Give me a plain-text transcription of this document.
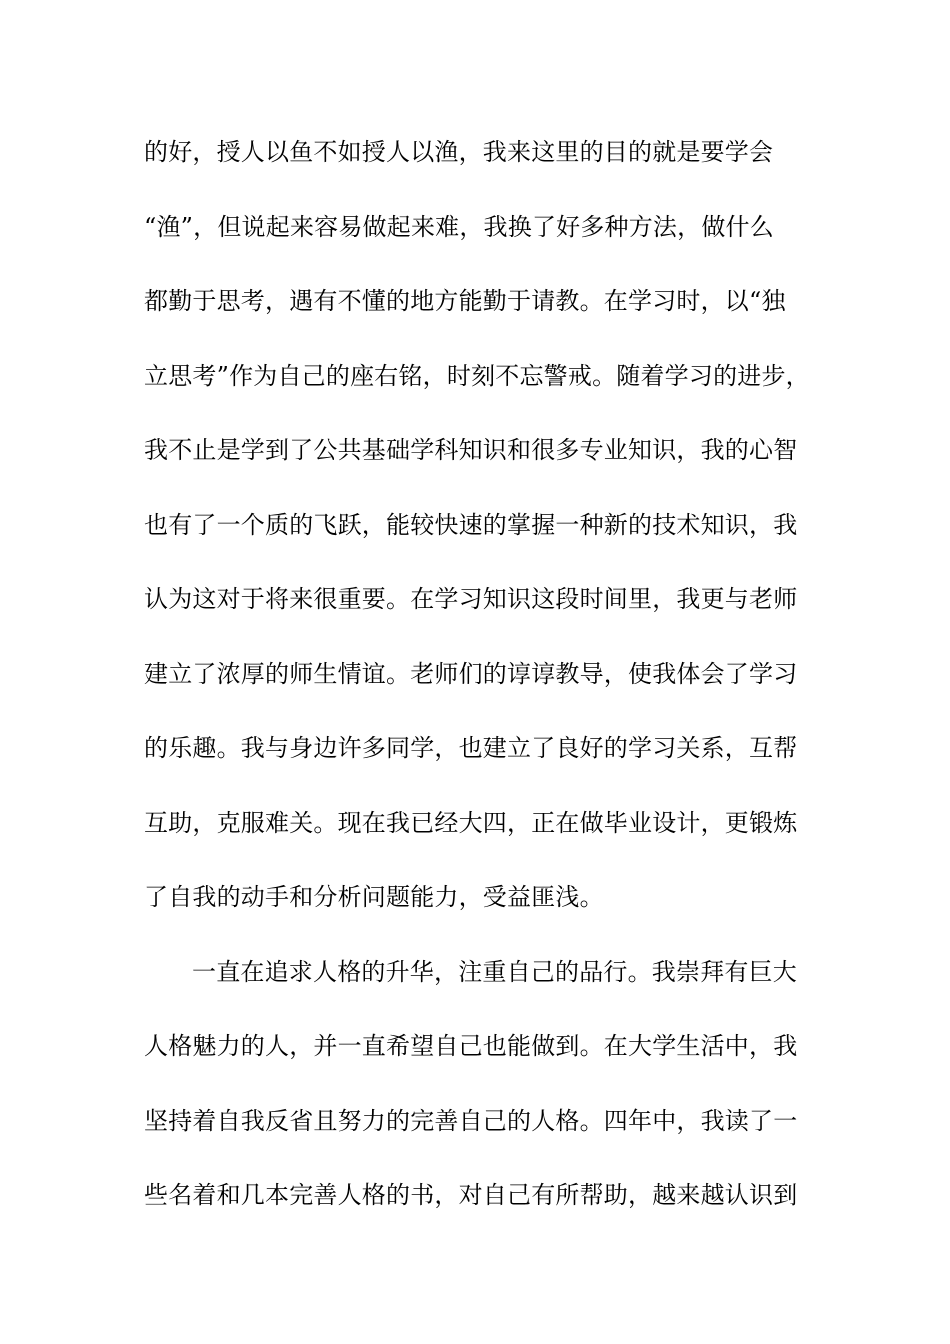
的好，授人以鱼不如授人以渔，我来这里的目的就是要学会
“渔”，但说起来容易做起来难，我换了好多种方法，做什么
都勤于思考，遇有不懂的地方能勤于请教。在学习时，以“独
立思考”作为自己的座右铭，时刻不忘警戒。随着学习的进步，
我不止是学到了公共基础学科知识和很多专业知识，我的心智
也有了一个质的飞跃，能较快速的掌握一种新的技术知识，我
认为这对于将来很重要。在学习知识这段时间里，我更与老师
建立了浓厚的师生情谊。老师们的谆谆教导，使我体会了学习
的乐趣。我与身边许多同学，也建立了良好的学习关系，互帮
互助，克服难关。现在我已经大四，正在做毕业设计，更锻炼
了自我的动手和分析问题能力，受益匪浅。
一直在追求人格的升华，注重自己的品行。我崇拜有巨大
人格魅力的人，并一直希望自己也能做到。在大学生活中，我
坚持着自我反省且努力的完善自己的人格。四年中，我读了一
些名着和几本完善人格的书，对自己有所帮助，越来越认识到
